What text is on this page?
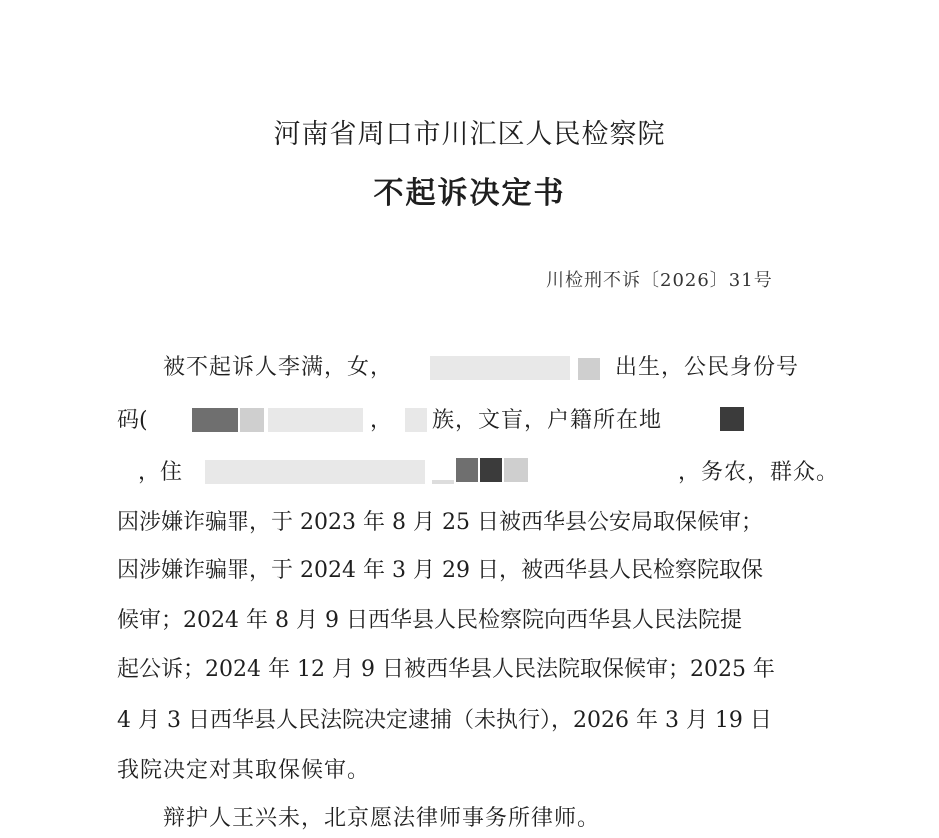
河南省周口市川汇区人民检察院
不起诉决定书
川检刑不诉〔2026〕31号
被不起诉人李满，女，	出生，公民身份号
码(	， 族，文盲，户籍所在地
，住	，务农，群众。
因涉嫌诈骗罪，于 2023 年 8 月 25 日被西华县公安局取保候审；
因涉嫌诈骗罪，于 2024 年 3 月 29 日，被西华县人民检察院取保
候审；2024 年 8 月 9 日西华县人民检察院向西华县人民法院提
起公诉；2024 年 12 月 9 日被西华县人民法院取保候审；2025 年
4 月 3 日西华县人民法院决定逮捕（未执行），2026 年 3 月 19 日
我院决定对其取保候审。
辩护人王兴未，北京愿法律师事务所律师。
